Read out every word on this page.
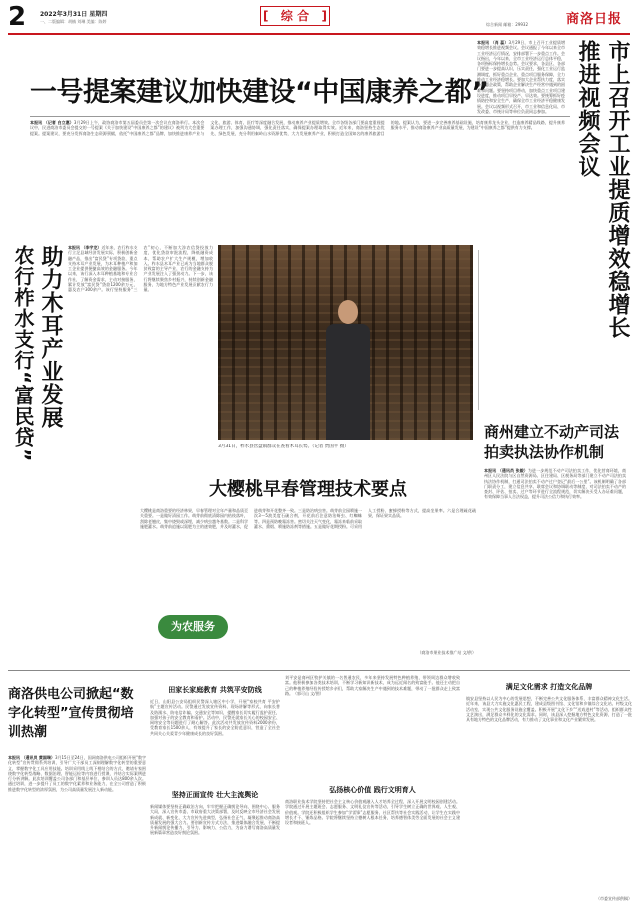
2 2022年3月31日 星期四
一、二版编辑：胡楠 刘琳 美编：陈婷	[ 综 合 ]
综合新闻 邮箱：29932	商洛日报
一号提案建议加快建设“中国康养之都”
本报讯 （记者 白立惠）3月29日上午，政协商洛市第五届委员会第一次会议在商洛举行。本次会议中，民进商洛市委员会提交的一号提案《关于加快建设“中国康养之都”的建议》被列为大会重要提案。提案建议，要充分发挥商洛生态资源禀赋，依托“中国康养之都”品牌，加快推进康养产业与文化、旅游、体育、医疗等深度融合发展，推动康养产业提质增效。全市各级各部门要高度重视提案办理工作，加强沟通协调，强化责任落实，确保提案办理取得实效。近年来，商洛坚持生态优先、绿色发展，充分利用秦岭山水资源优势，大力发展康养产业，积极打造全国知名的康养旅游目的地。提案认为，要进一步完善康养基础设施，培育康养龙头企业，打造康养精品线路，提升康养服务水平，推动商洛康养产业高质量发展，为建设“中国康养之都”提供有力支撑。	市上召开工业提质增效稳增长推进视频会议
本报讯 （肖 蕊）3月29日，市上召开工业提质增效稳增长推进视频会议。会议通报了今年以来全市工业经济运行情况，安排部署下一步重点工作。会议指出，今年以来，全市工业经济运行总体平稳，各项指标保持增长态势。会议要求，各县区、各部门要进一步提高认识，压实责任，强化工业运行监测调度，抓好重点企业、重点项目服务保障，全力推动工业经济稳增长。要加大企业帮扶力度，落实各项惠企政策，帮助企业解决生产经营中遇到的困难和问题。要坚持项目带动，加快重点工业项目建设进度，推动项目早投产、早达效。要统筹抓好疫情防控和安全生产，确保全市工业经济平稳健康发展。会议以视频形式召开，市工业和信息化局、市发改委、市统计局等单位负责同志参加。
助力木耳产业发展
农行柞水支行“富民贷”	本报讯 （李宇龙）近年来，农行柞水支行立足县域经济发展实际，积极创新金融产品，推出“富民贷”专项贷款，重点支持木耳产业发展，为木耳种植户和加工企业提供便捷高效的金融服务。今年以来，该行深入木耳种植基地和专业合作社，了解资金需求，主动对接服务，累计发放“富民贷”贷款1200余万元，惠及农户300余户。该行坚持服务“三农”初心，不断加大涉农信贷投放力度，优化贷款审批流程，降低融资成本，帮助农户扩大生产规模，增加收入。柞水县木耳产业已成为当地群众脱贫致富的主导产业，农行的金融支持为产业发展注入了强劲动力。下一步，该行将继续聚焦乡村振兴，持续创新金融服务，为地方特色产业发展贡献农行力量。
3月31日，柞水县营盘镇群众在查看木耳长势。（记者 贾国平 摄）
商州建立不动产司法拍卖执法协作机制
本报讯 （通讯员 张毅）为进一步规范不动产司法拍卖工作，优化营商环境，商州区人民法院与区自然资源局、区住建局、区税务局等部门建立不动产司法拍卖执法协作机制，打通司法拍卖不动产过户登记“最后一公里”。该机制明确了各部门职责分工，建立信息共享、联席会议和协调联动等制度，对司法拍卖不动产的查封、评估、拍卖、过户等环节进行全流程规范，切实解决买受人办证难问题，有效保障当事人合法权益，提升司法公信力和执行效率。
大樱桃早春管理技术要点
大樱桃是商洛重要的经济林果，早春管理对全年产量和品质至关重要。一是做好清园工作。萌芽前彻底清除园内枯枝落叶，刮除老翘皮，集中烧毁或深埋，减少病虫越冬基数。二是科学施肥灌水。萌芽前追施以氮肥为主的速效肥，并及时灌水，促进萌芽和开花整齐一致。三是防治病虫害。萌芽前全园喷施一次3～5波美度石硫合剂，开花前后注意防治蚜虫、红蜘蛛等。四是预防晚霜冻害。密切关注天气变化，霜冻来临前采取灌水、熏烟、喷施防冻剂等措施。五是做好花期授粉。可采用人工授粉、蜜蜂授粉等方式，提高坐果率。六是合理疏花疏果，保证果实品质。
为农服务
（商洛市果业技术推广站 文/供）
商洛供电公司掀起“数字化转型”宣传贯彻培训热潮
本报讯 （通讯员 黄国瑞）3月15日至24日，国网商洛供电公司组织开展“数字化转型”宣传贯彻系列培训，引导广大干部员工深刻理解数字化转型的重要意义，掌握数字化工具应用技能。培训采用线上线下相结合的方式，邀请专家围绕数字化转型战略、数据治理、智能运检等内容进行授课，并结合实际案例进行分析讲解。此次培训覆盖公司各部门和基层单位，参训人员达800余人次。通过培训，进一步提升了员工的数字化素养和业务能力，在全公司营造了积极推进数字化转型的浓厚氛围，为公司高质量发展注入新动能。
田家长家庭教育 共筑平安防线
近日，山阳县公安局组织民警深入辖区中小学，开展“家校共育 平安护航”主题宣传活动。民警通过发放宣传资料、现场讲解等形式，向家长普及防溺水、防电信诈骗、交通安全等知识，提醒家长切实履行监护责任，加强对孩子的安全教育和看护。活动中，民警还就家长关心的校园安全、网络安全等问题进行了耐心解答。此次活动共发放宣传资料2000余份，受教育家长1500余人，有效提升了家长的安全防范意识，营造了全社会共同关心关爱青少年健康成长的良好氛围。
坚持正面宣传 壮大主流舆论
新闻媒体要坚持正确政治方向，牢牢把握正确舆论导向，围绕中心、服务大局，深入宣传市委、市政府重大决策部署，及时反映全市经济社会发展新成就、新变化，大力宣传先进典型，弘扬社会正气，凝聚起推动商洛高质量发展的强大合力。要创新宣传方式方法，推进媒体融合发展，不断提升新闻舆论传播力、引导力、影响力、公信力，为奋力谱写商洛高质量发展新篇章营造良好舆论氛围。
刘平安是商州区牧护关镇的一名普通农民，多年来坚持发展特色种植养殖，带领周边群众增收致富。他积极参加各类技术培训，不断学习新知识新技术，成为远近闻名的致富能手。他还主动把自己的种植养殖经验传授给乡亲们，帮助大家解决生产中遇到的技术难题，带动了一批群众走上致富路。（郭可山 文/图）
弘扬核心价值 践行文明育人
商洛职业技术学院坚持把社会主义核心价值观融入人才培养全过程，深入开展文明校园创建活动。学院通过开展主题班会、志愿服务、文明礼仪宣传等活动，引导学生树立正确的世界观、人生观、价值观。学院还积极组织学生参加“学雷锋”志愿服务、社区帮扶等社会实践活动，让学生在实践中增长才干、锤炼品格。学院将继续坚持立德树人根本任务，培养德智体美劳全面发展的社会主义建设者和接班人。
满足文化需求 打造文化品牌
镇安县坚持以人民为中心的发展思想，不断完善公共文化服务体系，丰富群众精神文化生活。近年来，该县大力实施文化惠民工程，建成县级图书馆、文化馆和乡镇综合文化站、村级文化活动室，实现公共文化服务设施全覆盖。积极开展“文化下乡”“送戏进村”等活动，组织群众性文艺演出，满足群众多样化的文化需求。同时，该县深入挖掘地方特色文化资源，打造了一批具有地方特色的文化品牌活动，有力推动了文化事业和文化产业繁荣发展。
（市委宣传部供稿）
